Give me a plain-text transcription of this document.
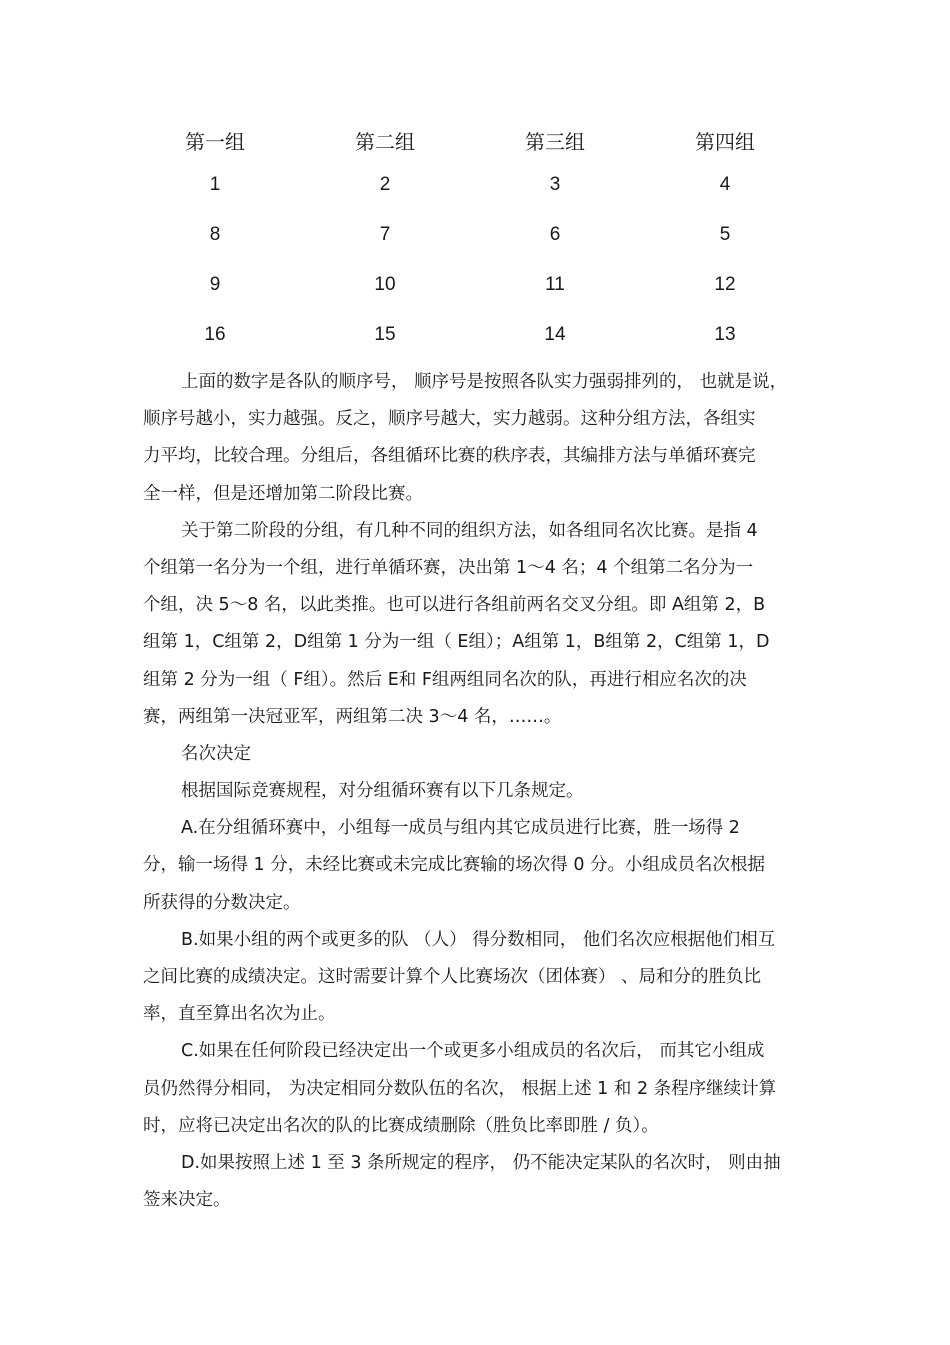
第一组	第二组	第三组	第四组
1	2	3	4
8	7	6	5
9	10	11	12
16	15	14	13
上面的数字是各队的顺序号， 顺序号是按照各队实力强弱排列的， 也就是说，
顺序号越小，实力越强。反之，顺序号越大，实力越弱。这种分组方法，各组实
力平均，比较合理。分组后，各组循环比赛的秩序表，其编排方法与单循环赛完
全一样，但是还增加第二阶段比赛。
关于第二阶段的分组，有几种不同的组织方法，如各组同名次比赛。是指 4
个组第一名分为一个组，进行单循环赛，决出第 1～4 名；4 个组第二名分为一
个组，决 5～8 名，以此类推。也可以进行各组前两名交叉分组。即 A组第 2，B
组第 1，C组第 2，D组第 1 分为一组（ E组）；A组第 1，B组第 2，C组第 1，D
组第 2 分为一组（ F组）。然后 E和 F组两组同名次的队，再进行相应名次的决
赛，两组第一决冠亚军，两组第二决 3～4 名，……。
名次决定
根据国际竞赛规程，对分组循环赛有以下几条规定。
A.在分组循环赛中，小组每一成员与组内其它成员进行比赛，胜一场得 2
分，输一场得 1 分，未经比赛或未完成比赛输的场次得 0 分。小组成员名次根据
所获得的分数决定。
B.如果小组的两个或更多的队 （人） 得分数相同， 他们名次应根据他们相互
之间比赛的成绩决定。这时需要计算个人比赛场次（团体赛） 、局和分的胜负比
率，直至算出名次为止。
C.如果在任何阶段已经决定出一个或更多小组成员的名次后， 而其它小组成
员仍然得分相同， 为决定相同分数队伍的名次， 根据上述 1 和 2 条程序继续计算
时，应将已决定出名次的队的比赛成绩删除（胜负比率即胜 / 负）。
D.如果按照上述 1 至 3 条所规定的程序， 仍不能决定某队的名次时， 则由抽
签来决定。
